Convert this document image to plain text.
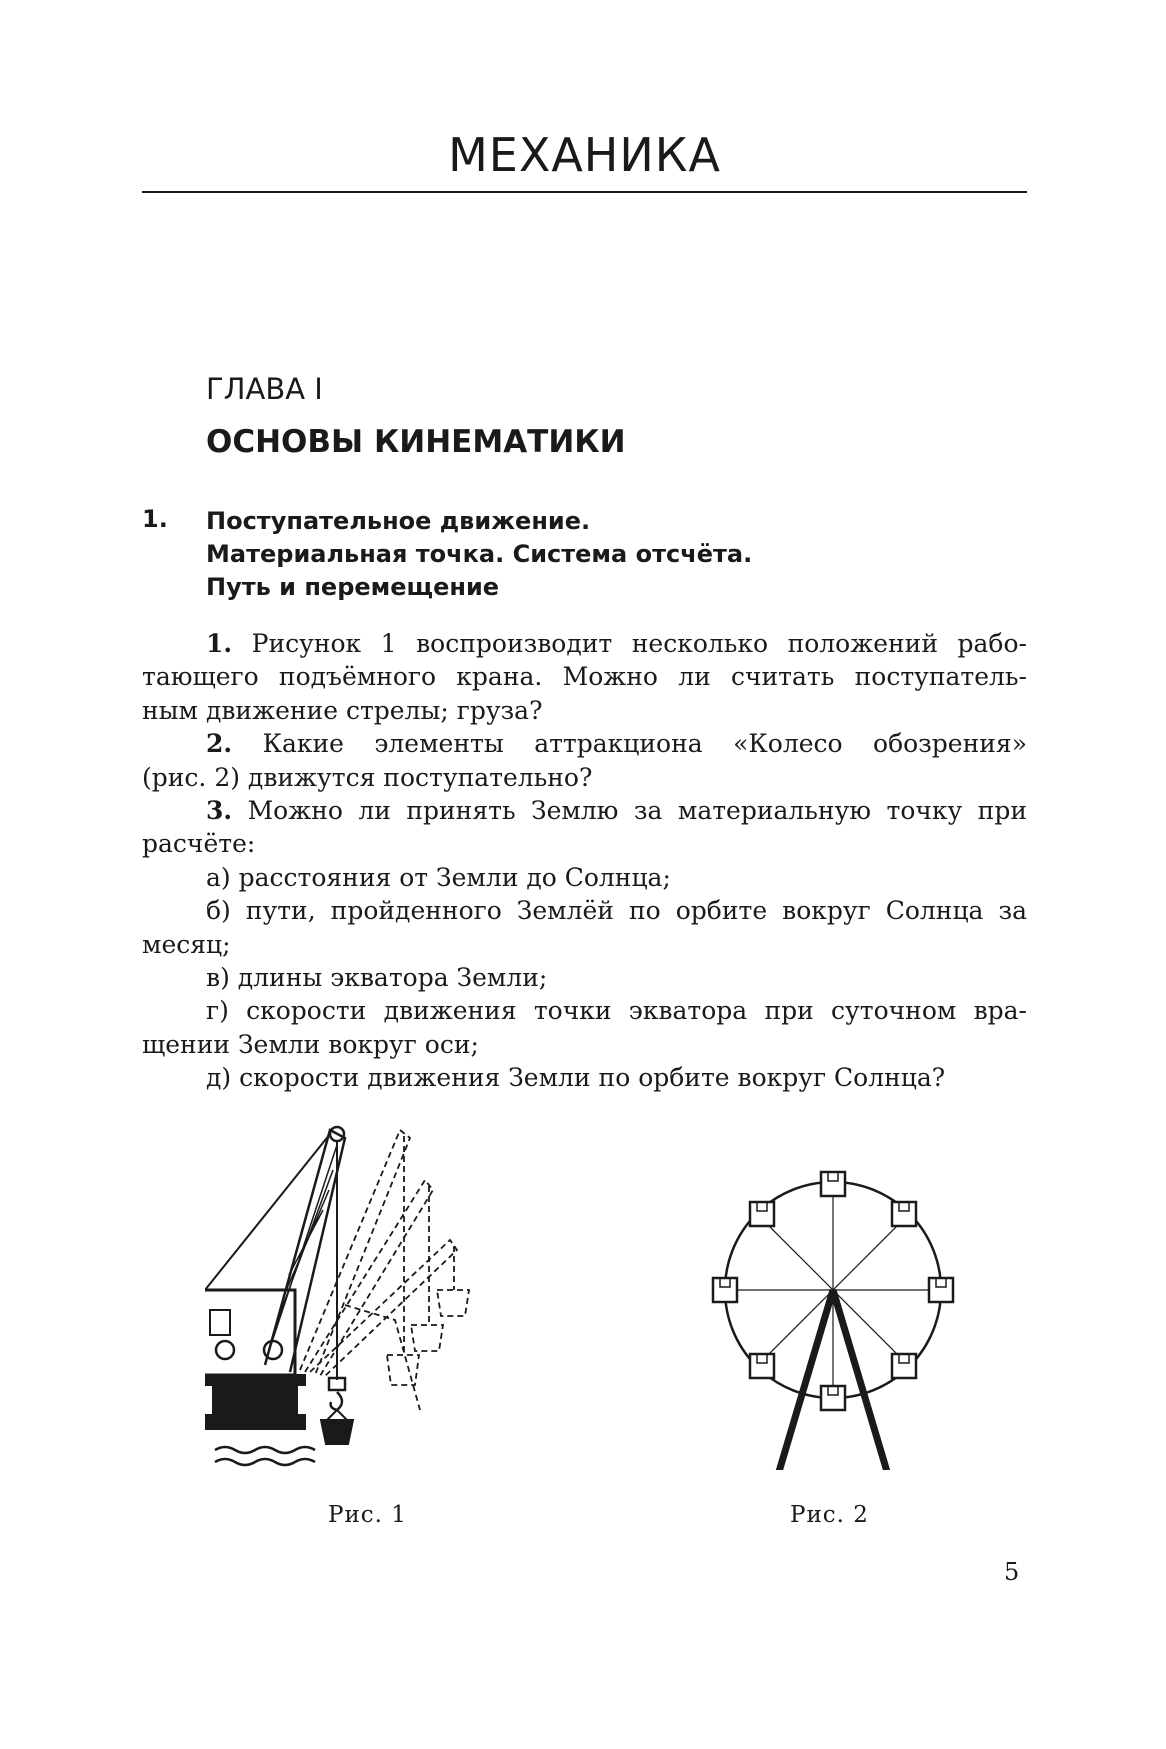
МЕХАНИКА
ГЛАВА I
ОСНОВЫ КИНЕМАТИКИ
1. Поступательное движение.
Материальная точка. Система отсчёта.
Путь и перемещение
1. Рисунок 1 воспроизводит несколько положений рабо-
тающего подъёмного крана. Можно ли считать поступатель-
ным движение стрелы; груза?
2. Какие элементы аттракциона «Колесо обозрения»
(рис. 2) движутся поступательно?
3. Можно ли принять Землю за материальную точку при
расчёте:
а) расстояния от Земли до Солнца;
б) пути, пройденного Землёй по орбите вокруг Солнца за
месяц;
в) длины экватора Земли;
г) скорости движения точки экватора при суточном вра-
щении Земли вокруг оси;
д) скорости движения Земли по орбите вокруг Солнца?
Рис. 1	Рис. 2
5
